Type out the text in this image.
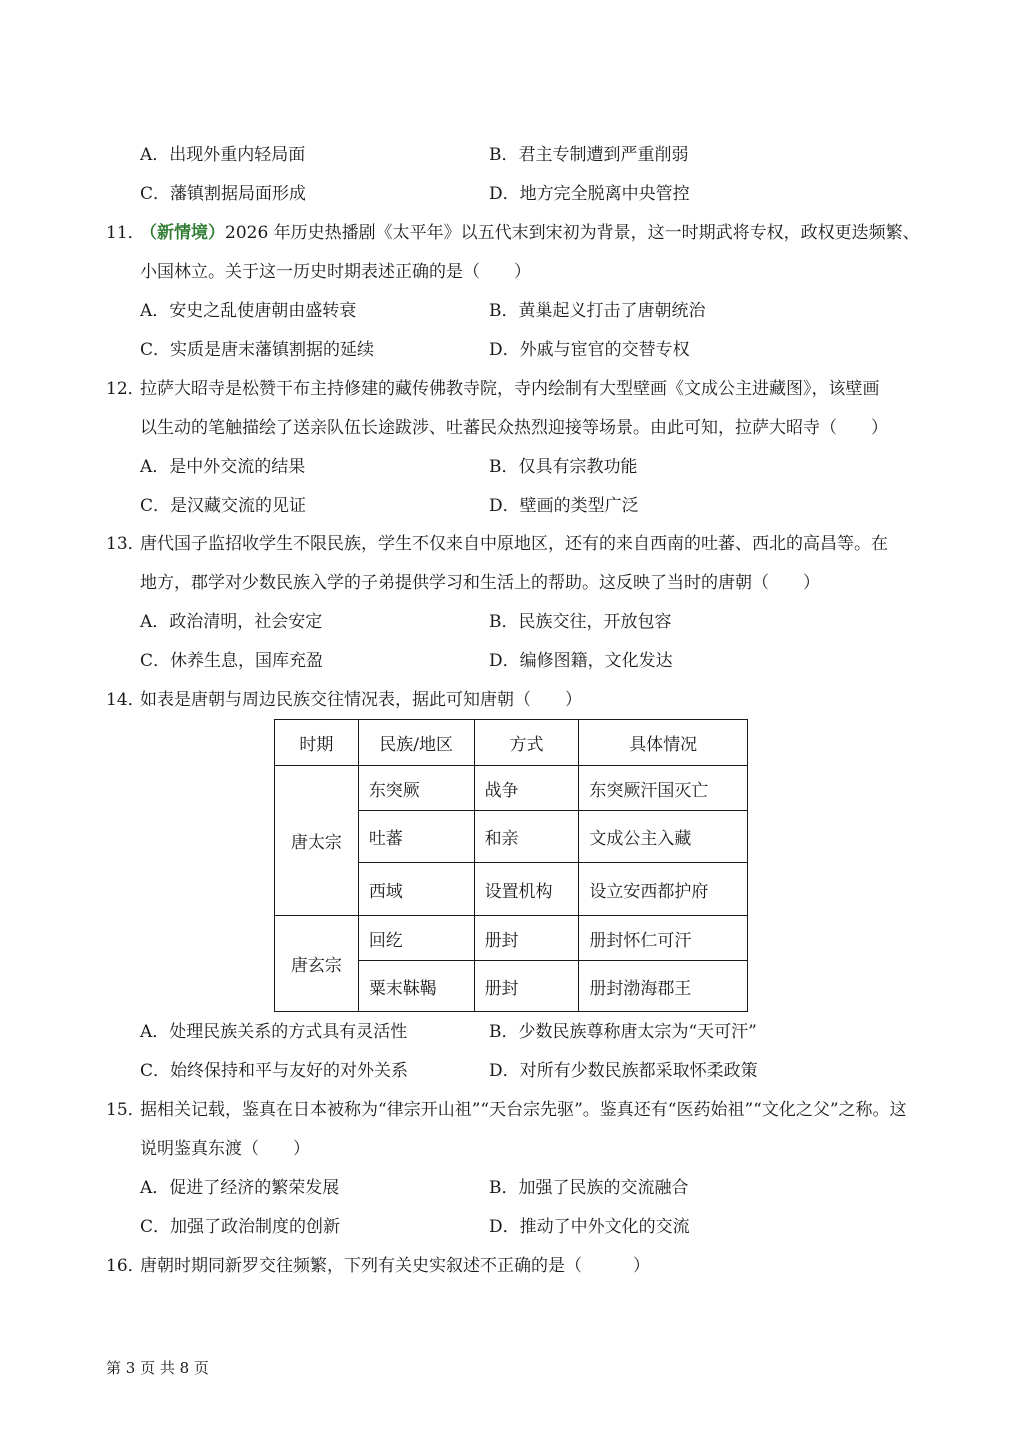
A．出现外重内轻局面	B．君主专制遭到严重削弱
C．藩镇割据局面形成	D．地方完全脱离中央管控
11．
（新情境）2026 年历史热播剧《太平年》以五代末到宋初为背景，这一时期武将专权，政权更迭频繁、
小国林立。关于这一历史时期表述正确的是（　　）
A．安史之乱使唐朝由盛转衰	B．黄巢起义打击了唐朝统治
C．实质是唐末藩镇割据的延续	D．外戚与宦官的交替专权
12．
拉萨大昭寺是松赞干布主持修建的藏传佛教寺院，寺内绘制有大型壁画《文成公主进藏图》，该壁画
以生动的笔触描绘了送亲队伍长途跋涉、吐蕃民众热烈迎接等场景。由此可知，拉萨大昭寺（　　）
A．是中外交流的结果	B．仅具有宗教功能
C．是汉藏交流的见证	D．壁画的类型广泛
13．
唐代国子监招收学生不限民族，学生不仅来自中原地区，还有的来自西南的吐蕃、西北的高昌等。在
地方，郡学对少数民族入学的子弟提供学习和生活上的帮助。这反映了当时的唐朝（　　）
A．政治清明，社会安定	B．民族交往，开放包容
C．休养生息，国库充盈	D．编修图籍，文化发达
14．
如表是唐朝与周边民族交往情况表，据此可知唐朝（　　）
时期	民族/地区	方式	具体情况
唐太宗	东突厥	战争	东突厥汗国灭亡
	吐蕃	和亲	文成公主入藏
	西域	设置机构	设立安西都护府
唐玄宗	回纥	册封	册封怀仁可汗
	粟末靺鞨	册封	册封渤海郡王
A．处理民族关系的方式具有灵活性	B．少数民族尊称唐太宗为“天可汗”
C．始终保持和平与友好的对外关系	D．对所有少数民族都采取怀柔政策
15．
据相关记载，鉴真在日本被称为“律宗开山祖”“天台宗先驱”。鉴真还有“医药始祖”“文化之父”之称。这
说明鉴真东渡（　　）
A．促进了经济的繁荣发展	B．加强了民族的交流融合
C．加强了政治制度的创新	D．推动了中外文化的交流
16．
唐朝时期同新罗交往频繁，下列有关史实叙述不正确的是（　　　）
第 3 页 共 8 页
